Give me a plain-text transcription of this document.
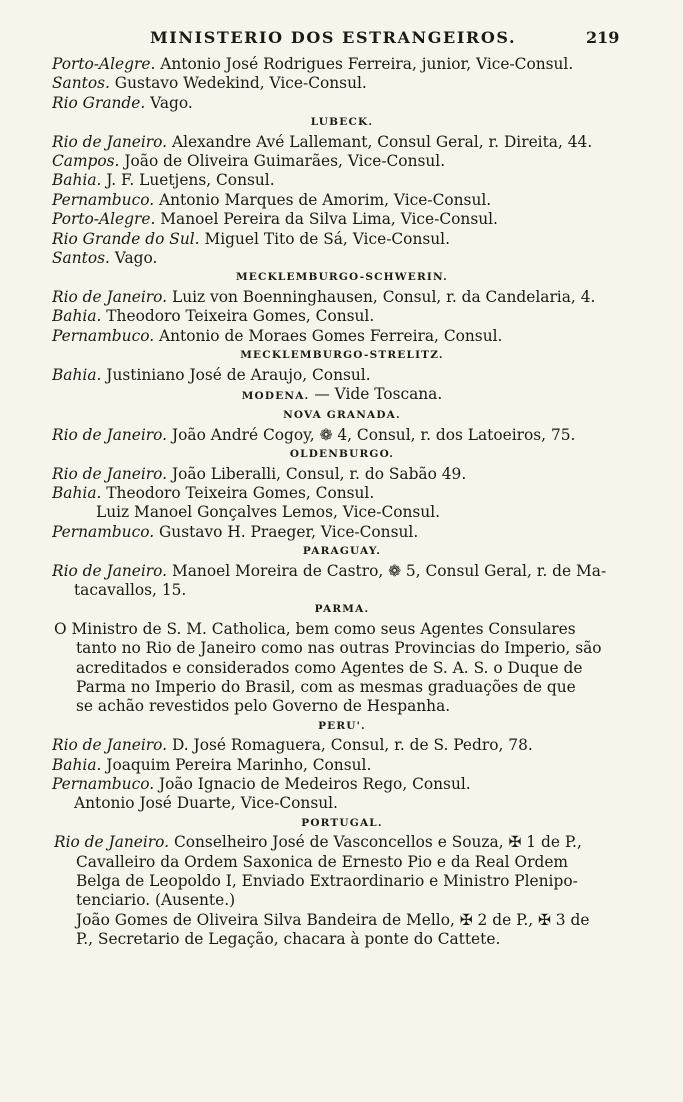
MINISTERIO DOS ESTRANGEIROS.	219
Porto-Alegre. Antonio José Rodrigues Ferreira, junior, Vice-Consul.
Santos. Gustavo Wedekind, Vice-Consul.
Rio Grande. Vago.
LUBECK.
Rio de Janeiro. Alexandre Avé Lallemant, Consul Geral, r. Direita, 44.
Campos. João de Oliveira Guimarães, Vice-Consul.
Bahia. J. F. Luetjens, Consul.
Pernambuco. Antonio Marques de Amorim, Vice-Consul.
Porto-Alegre. Manoel Pereira da Silva Lima, Vice-Consul.
Rio Grande do Sul. Miguel Tito de Sá, Vice-Consul.
Santos. Vago.
MECKLEMBURGO-SCHWERIN.
Rio de Janeiro. Luiz von Boenninghausen, Consul, r. da Candelaria, 4.
Bahia. Theodoro Teixeira Gomes, Consul.
Pernambuco. Antonio de Moraes Gomes Ferreira, Consul.
MECKLEMBURGO-STRELITZ.
Bahia. Justiniano José de Araujo, Consul.
MODENA. — Vide Toscana.
NOVA GRANADA.
Rio de Janeiro. João André Cogoy, ❁ 4, Consul, r. dos Latoeiros, 75.
OLDENBURGO.
Rio de Janeiro. João Liberalli, Consul, r. do Sabão 49.
Bahia. Theodoro Teixeira Gomes, Consul.
Luiz Manoel Gonçalves Lemos, Vice-Consul.
Pernambuco. Gustavo H. Praeger, Vice-Consul.
PARAGUAY.
Rio de Janeiro. Manoel Moreira de Castro, ❁ 5, Consul Geral, r. de Ma-
tacavallos, 15.
PARMA.
O Ministro de S. M. Catholica, bem como seus Agentes Consulares
tanto no Rio de Janeiro como nas outras Provincias do Imperio, são
acreditados e considerados como Agentes de S. A. S. o Duque de
Parma no Imperio do Brasil, com as mesmas graduações de que
se achão revestidos pelo Governo de Hespanha.
PERU'.
Rio de Janeiro. D. José Romaguera, Consul, r. de S. Pedro, 78.
Bahia. Joaquim Pereira Marinho, Consul.
Pernambuco. João Ignacio de Medeiros Rego, Consul.
Antonio José Duarte, Vice-Consul.
PORTUGAL.
Rio de Janeiro. Conselheiro José de Vasconcellos e Souza, ✠ 1 de P.,
Cavalleiro da Ordem Saxonica de Ernesto Pio e da Real Ordem
Belga de Leopoldo I, Enviado Extraordinario e Ministro Plenipo-
tenciario. (Ausente.)
João Gomes de Oliveira Silva Bandeira de Mello, ✠ 2 de P., ✠ 3 de
P., Secretario de Legação, chacara à ponte do Cattete.
